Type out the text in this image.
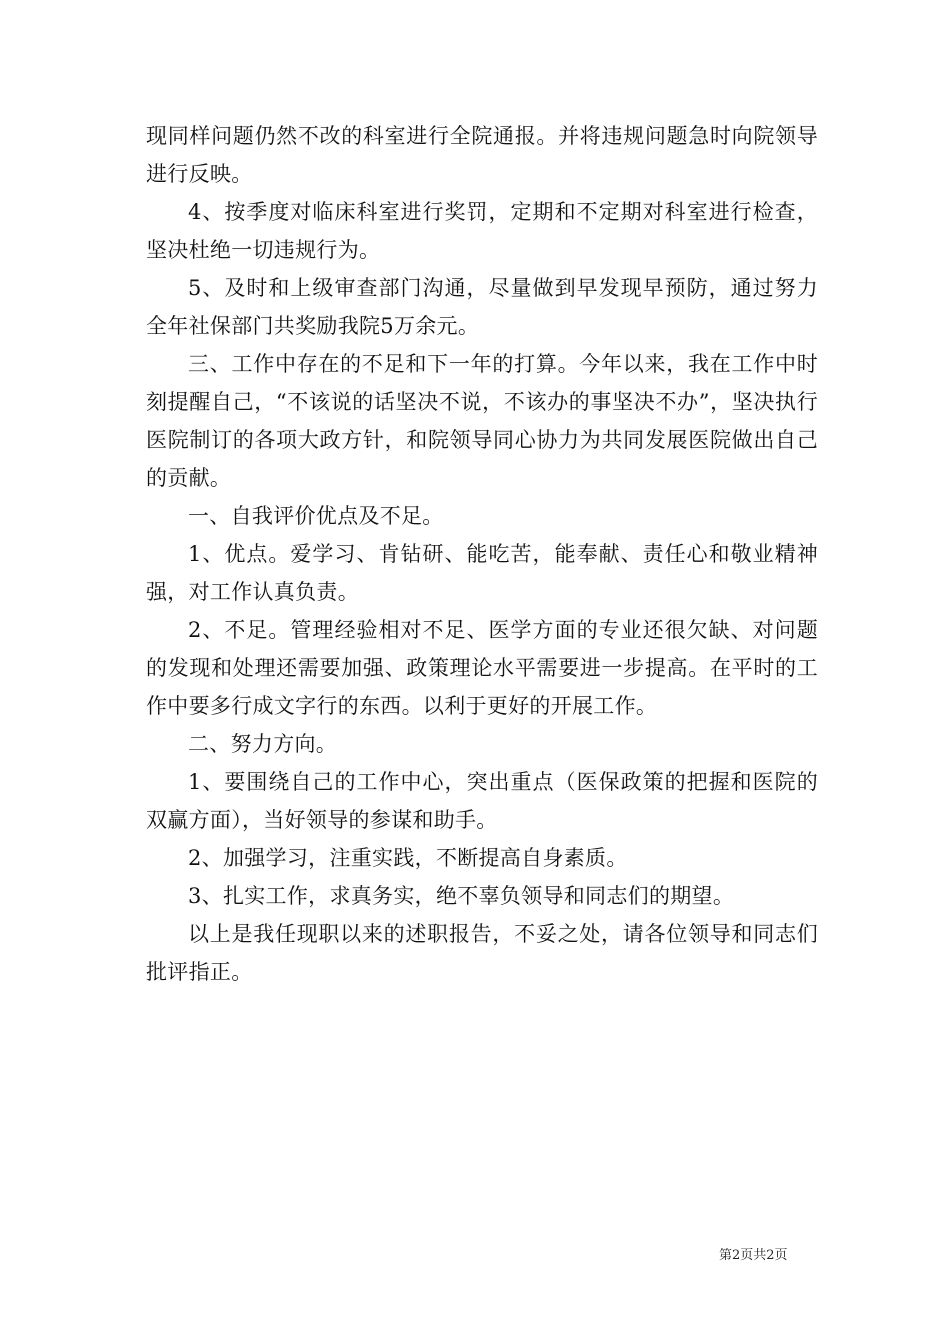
现同样问题仍然不改的科室进行全院通报。并将违规问题急时向院领导进行反映。

4、按季度对临床科室进行奖罚，定期和不定期对科室进行检查，坚决杜绝一切违规行为。

5、及时和上级审查部门沟通，尽量做到早发现早预防，通过努力全年社保部门共奖励我院5万余元。

三、工作中存在的不足和下一年的打算。今年以来，我在工作中时刻提醒自己，“不该说的话坚决不说，不该办的事坚决不办”，坚决执行医院制订的各项大政方针，和院领导同心协力为共同发展医院做出自己的贡献。

一、自我评价优点及不足。

1、优点。爱学习、肯钻研、能吃苦，能奉献、责任心和敬业精神强，对工作认真负责。

2、不足。管理经验相对不足、医学方面的专业还很欠缺、对问题的发现和处理还需要加强、政策理论水平需要进一步提高。在平时的工作中要多行成文字行的东西。以利于更好的开展工作。

二、努力方向。

1、要围绕自己的工作中心，突出重点（医保政策的把握和医院的双赢方面），当好领导的参谋和助手。

2、加强学习，注重实践，不断提高自身素质。

3、扎实工作，求真务实，绝不辜负领导和同志们的期望。

以上是我任现职以来的述职报告，不妥之处，请各位领导和同志们批评指正。

第2页共2页
